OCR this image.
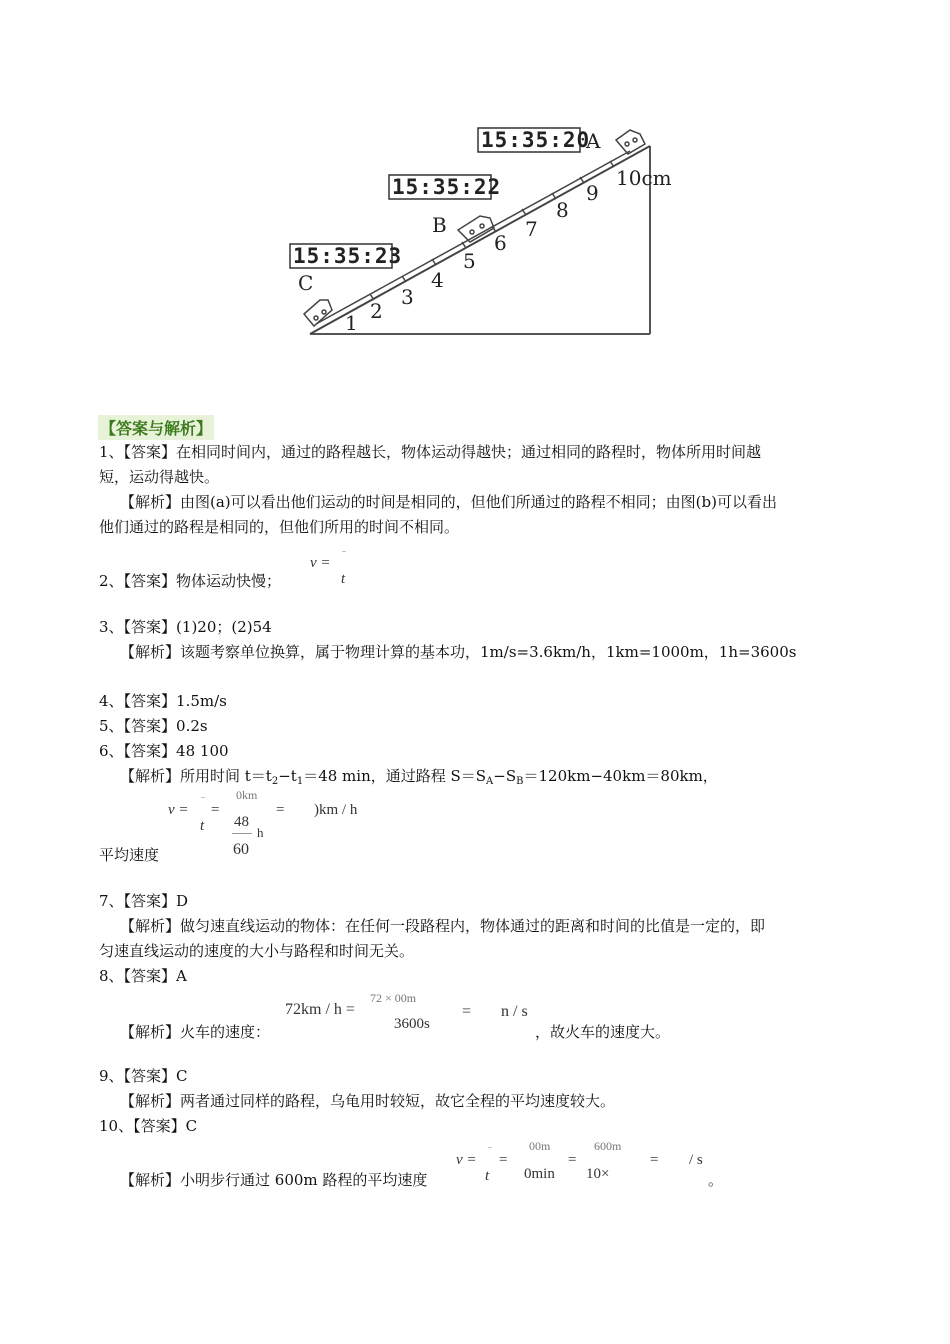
15:35:20
15:35:22
15:35:23
A
B
C
1 2
3
4
5
6
7
8
9
10cm
【答案与解析】
1、【答案】在相同时间内，通过的路程越长，物体运动得越快；通过相同的路程时，物体所用时间越
短，运动得越快。
【解析】由图(a)可以看出他们运动的时间是相同的，但他们所通过的路程不相同；由图(b)可以看出
他们通过的路程是相同的，但他们所用的时间不相同。
–
v =
t
2、【答案】物体运动快慢；
3、【答案】(1)20；(2)54
【解析】该题考察单位换算，属于物理计算的基本功，1m/s=3.6km/h，1km=1000m，1h=3600s
4、【答案】1.5m/s
5、【答案】0.2s
6、【答案】48 100
【解析】所用时间 $t=t_2-t_1=48$ min，通过路程 $S=S_A-S_B=120km-40km=80km$，
–	0km
v = =	= )km / h
t 48
h
60
平均速度
7、【答案】D
【解析】做匀速直线运动的物体：在任何一段路程内，物体通过的距离和时间的比值是一定的，即
匀速直线运动的速度的大小与路程和时间无关。
8、【答案】A
72 × 00m
72km / h =	= n / s
3600s
【解析】火车的速度：	，故火车的速度大。
9、【答案】C
【解析】两者通过同样的路程，乌龟用时较短，故它全程的平均速度较大。
10、【答案】C
–	00m	600m
v = =	=	= / s
t 0min 10×
【解析】小明步行通过 600m 路程的平均速度	。
